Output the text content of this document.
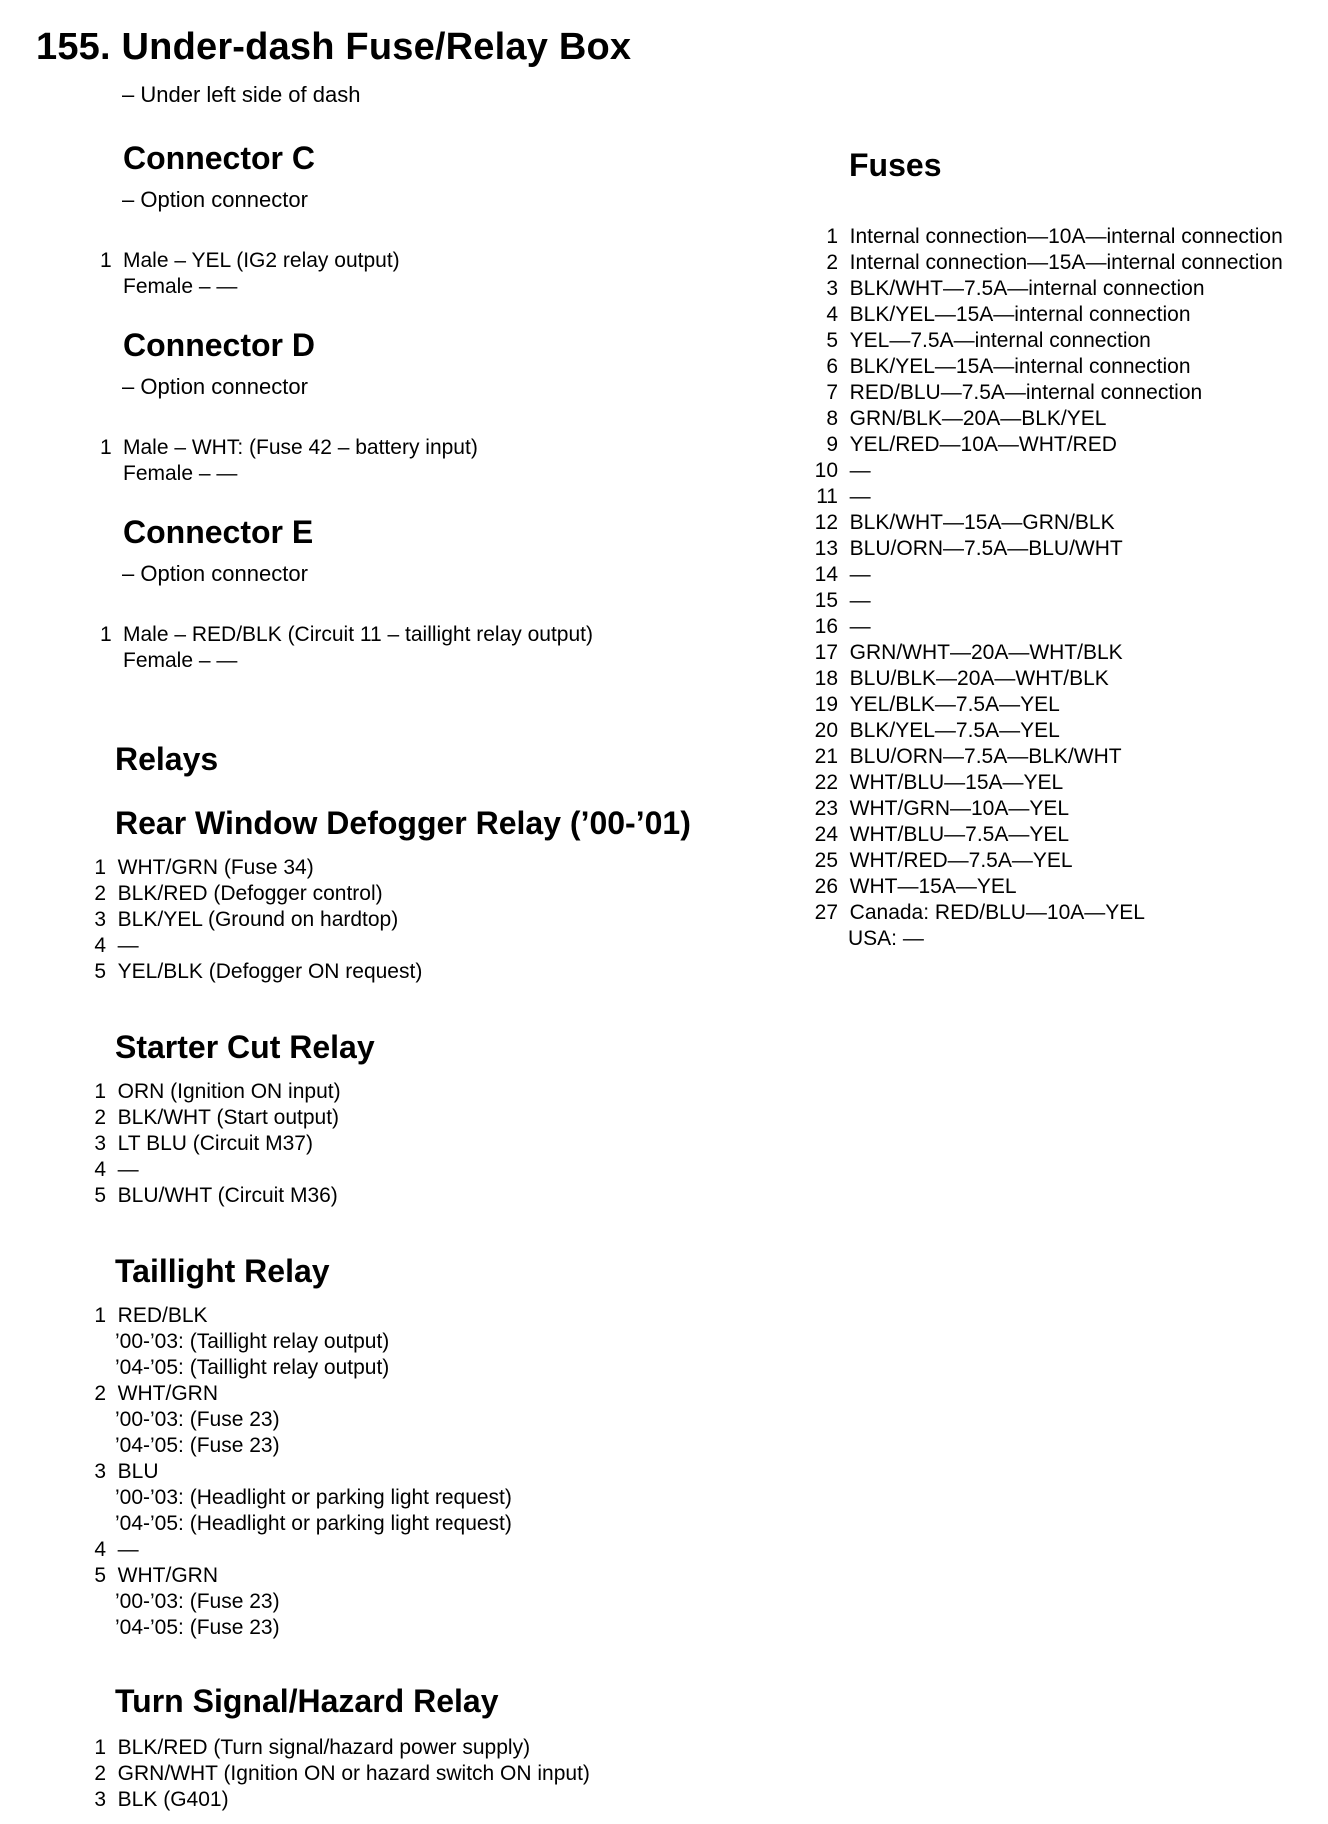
155. Under-dash Fuse/Relay Box
– Under left side of dash
Connector C
– Option connector
1 Male – YEL (IG2 relay output)
Female – —
Connector D
– Option connector
1 Male – WHT: (Fuse 42 – battery input)
Female – —
Connector E
– Option connector
1 Male – RED/BLK (Circuit 11 – taillight relay output)
Female – —
Relays
Rear Window Defogger Relay (’00-’01)
1 WHT/GRN (Fuse 34)
2 BLK/RED (Defogger control)
3 BLK/YEL (Ground on hardtop)
4 —
5 YEL/BLK (Defogger ON request)
Starter Cut Relay
1 ORN (Ignition ON input)
2 BLK/WHT (Start output)
3 LT BLU (Circuit M37)
4 —
5 BLU/WHT (Circuit M36)
Taillight Relay
1 RED/BLK
’00-’03: (Taillight relay output)
’04-’05: (Taillight relay output)
2 WHT/GRN
’00-’03: (Fuse 23)
’04-’05: (Fuse 23)
3 BLU
’00-’03: (Headlight or parking light request)
’04-’05: (Headlight or parking light request)
4 —
5 WHT/GRN
’00-’03: (Fuse 23)
’04-’05: (Fuse 23)
Turn Signal/Hazard Relay
1 BLK/RED (Turn signal/hazard power supply)
2 GRN/WHT (Ignition ON or hazard switch ON input)
3 BLK (G401)
Fuses
1 Internal connection—10A—internal connection
2 Internal connection—15A—internal connection
3 BLK/WHT—7.5A—internal connection
4 BLK/YEL—15A—internal connection
5 YEL—7.5A—internal connection
6 BLK/YEL—15A—internal connection
7 RED/BLU—7.5A—internal connection
8 GRN/BLK—20A—BLK/YEL
9 YEL/RED—10A—WHT/RED
10 —
11 —
12 BLK/WHT—15A—GRN/BLK
13 BLU/ORN—7.5A—BLU/WHT
14 —
15 —
16 —
17 GRN/WHT—20A—WHT/BLK
18 BLU/BLK—20A—WHT/BLK
19 YEL/BLK—7.5A—YEL
20 BLK/YEL—7.5A—YEL
21 BLU/ORN—7.5A—BLK/WHT
22 WHT/BLU—15A—YEL
23 WHT/GRN—10A—YEL
24 WHT/BLU—7.5A—YEL
25 WHT/RED—7.5A—YEL
26 WHT—15A—YEL
27 Canada: RED/BLU—10A—YEL
USA: —
